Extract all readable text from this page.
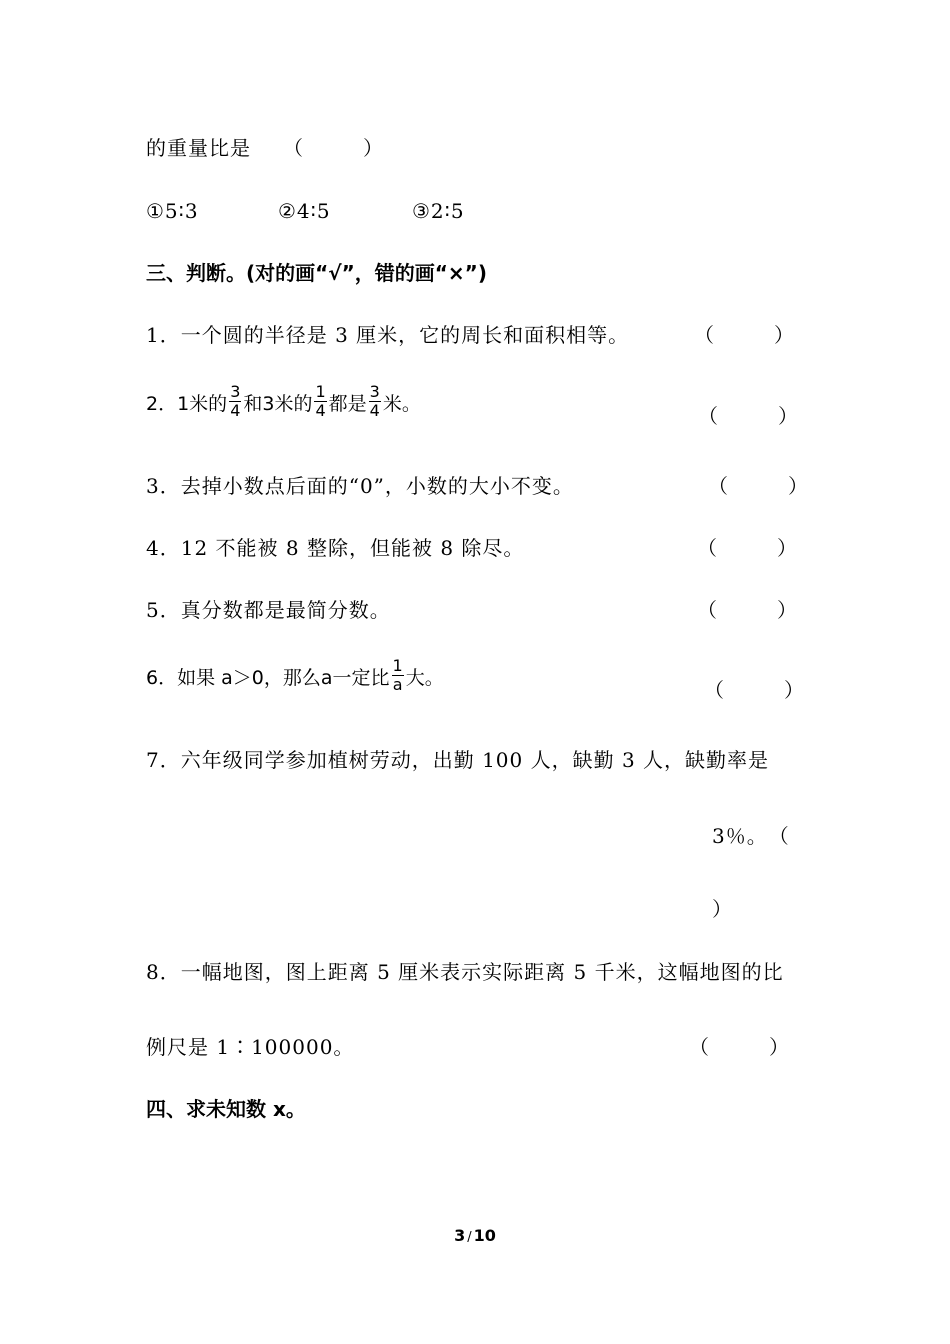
的重量比是 （　　　）
①5∶3	②4∶5	③2∶5
三、判断。(对的画“√”，错的画“×”)
1．一个圆的半径是 3 厘米，它的周长和面积相等。	（　　　）
2．1米的 $\frac{3}{4}$ 和3米的 $\frac{1}{4}$ 都是 $\frac{3}{4}$ 米。	（　　　）
3．去掉小数点后面的“0”，小数的大小不变。	（　　　）
4．12 不能被 8 整除，但能被 8 除尽。	（　　　）
5．真分数都是最简分数。	（　　　）
6．如果 a＞0，那么a一定比 $\frac{1}{a}$ 大。	（　　　）
7．六年级同学参加植树劳动，出勤 100 人，缺勤 3 人，缺勤率是
3％。　（
）
8．一幅地图，图上距离 5 厘米表示实际距离 5 千米，这幅地图的比
例尺是 1∶100000。	（　　　）
四、求未知数 x。
3 / 10
